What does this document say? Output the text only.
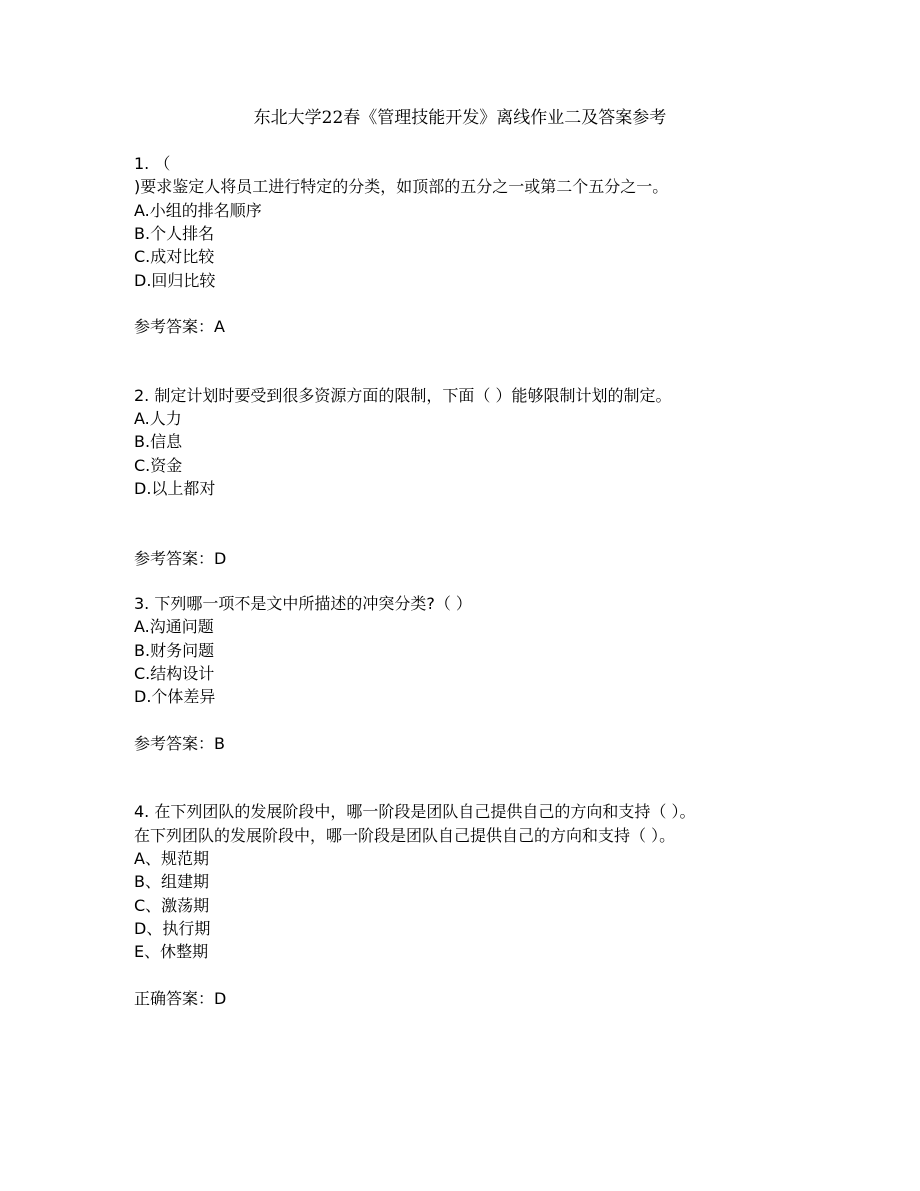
东北大学22春《管理技能开发》离线作业二及答案参考

1. （

)要求鉴定人将员工进行特定的分类，如顶部的五分之一或第二个五分之一。

A.小组的排名顺序

B.个人排名

C.成对比较

D.回归比较

参考答案：A

2. 制定计划时要受到很多资源方面的限制，下面（ ）能够限制计划的制定。

A.人力

B.信息

C.资金

D.以上都对

参考答案：D

3. 下列哪一项不是文中所描述的冲突分类?（ ）

A.沟通问题

B.财务问题

C.结构设计

D.个体差异

参考答案：B

4. 在下列团队的发展阶段中，哪一阶段是团队自己提供自己的方向和支持（ ）。

在下列团队的发展阶段中，哪一阶段是团队自己提供自己的方向和支持（ ）。

A、规范期

B、组建期

C、激荡期

D、执行期

E、休整期

正确答案：D
